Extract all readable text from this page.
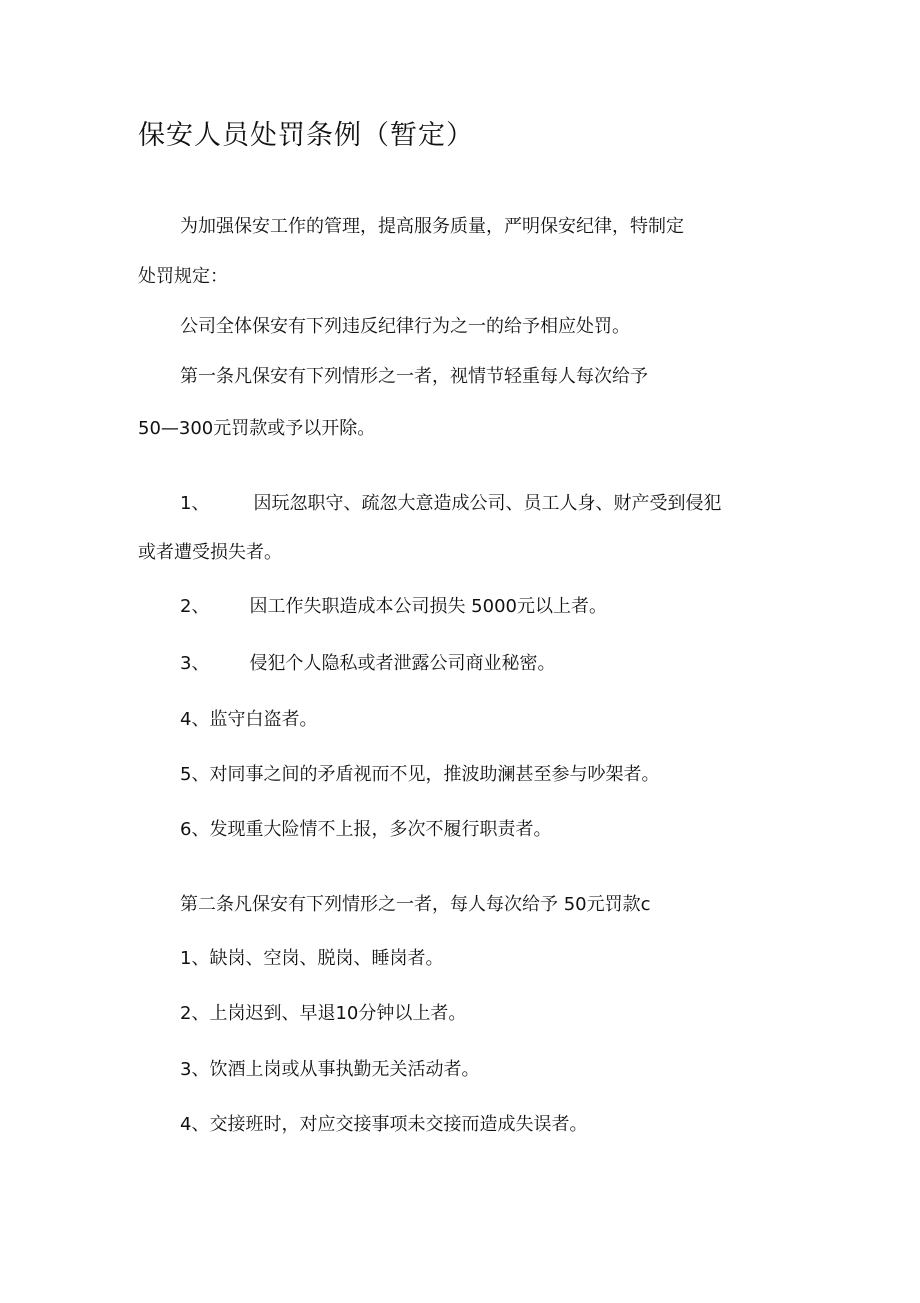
保安人员处罚条例（暂定）
为加强保安工作的管理，提高服务质量，严明保安纪律，特制定
处罚规定：
公司全体保安有下列违反纪律行为之一的给予相应处罚。
第一条凡保安有下列情形之一者，视情节轻重每人每次给予
50—300元罚款或予以开除。
1、 因玩忽职守、疏忽大意造成公司、员工人身、财产受到侵犯
或者遭受损失者。
2、 因工作失职造成本公司损失 5000元以上者。
3、 侵犯个人隐私或者泄露公司商业秘密。
4、监守白盗者。
5、对同事之间的矛盾视而不见，推波助澜甚至参与吵架者。
6、发现重大险情不上报，多次不履行职责者。
第二条凡保安有下列情形之一者，每人每次给予 50元罚款c
1、缺岗、空岗、脱岗、睡岗者。
2、上岗迟到、早退10分钟以上者。
3、饮酒上岗或从事执勤无关活动者。
4、交接班时，对应交接事项未交接而造成失误者。
